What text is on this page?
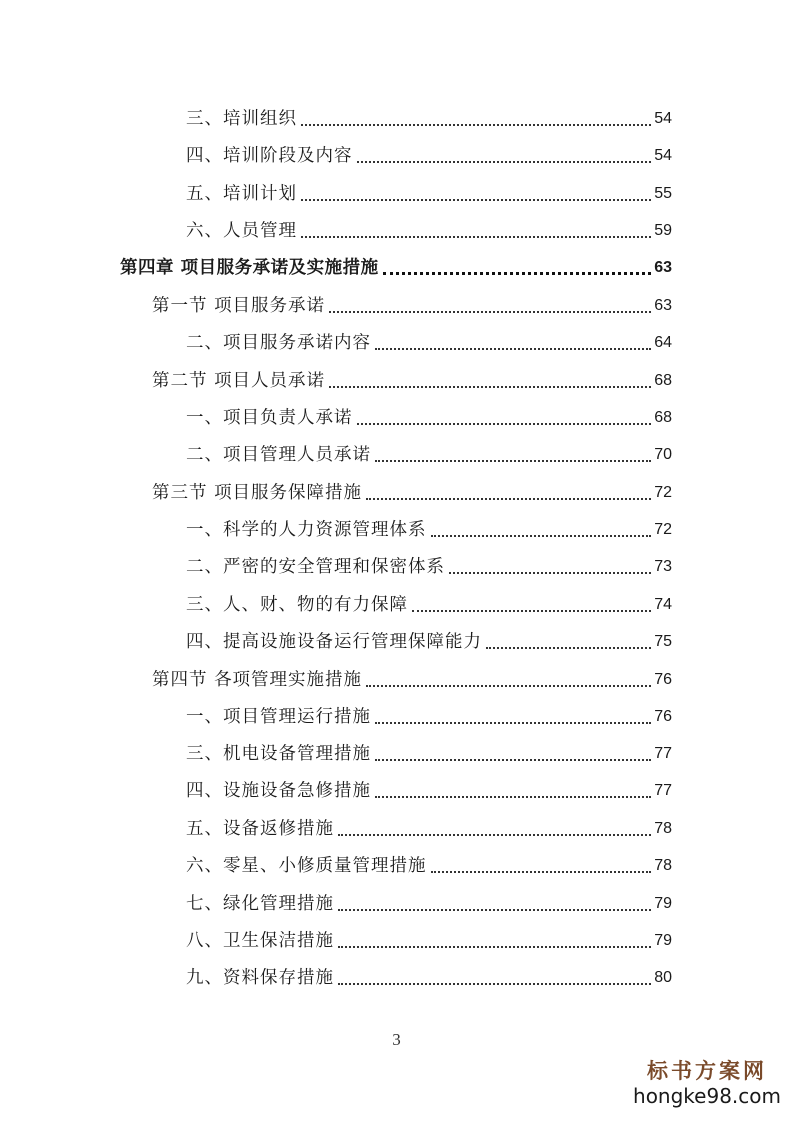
三、培训组织	54
四、培训阶段及内容	54
五、培训计划	55
六、人员管理	59
第四章 项目服务承诺及实施措施	63
第一节 项目服务承诺	63
二、项目服务承诺内容	64
第二节 项目人员承诺	68
一、项目负责人承诺	68
二、项目管理人员承诺	70
第三节 项目服务保障措施	72
一、科学的人力资源管理体系	72
二、严密的安全管理和保密体系	73
三、人、财、物的有力保障	74
四、提高设施设备运行管理保障能力	75
第四节 各项管理实施措施	76
一、项目管理运行措施	76
三、机电设备管理措施	77
四、设施设备急修措施	77
五、设备返修措施	78
六、零星、小修质量管理措施	78
七、绿化管理措施	79
八、卫生保洁措施	79
九、资料保存措施	80
3
标书方案网
hongke98.com
